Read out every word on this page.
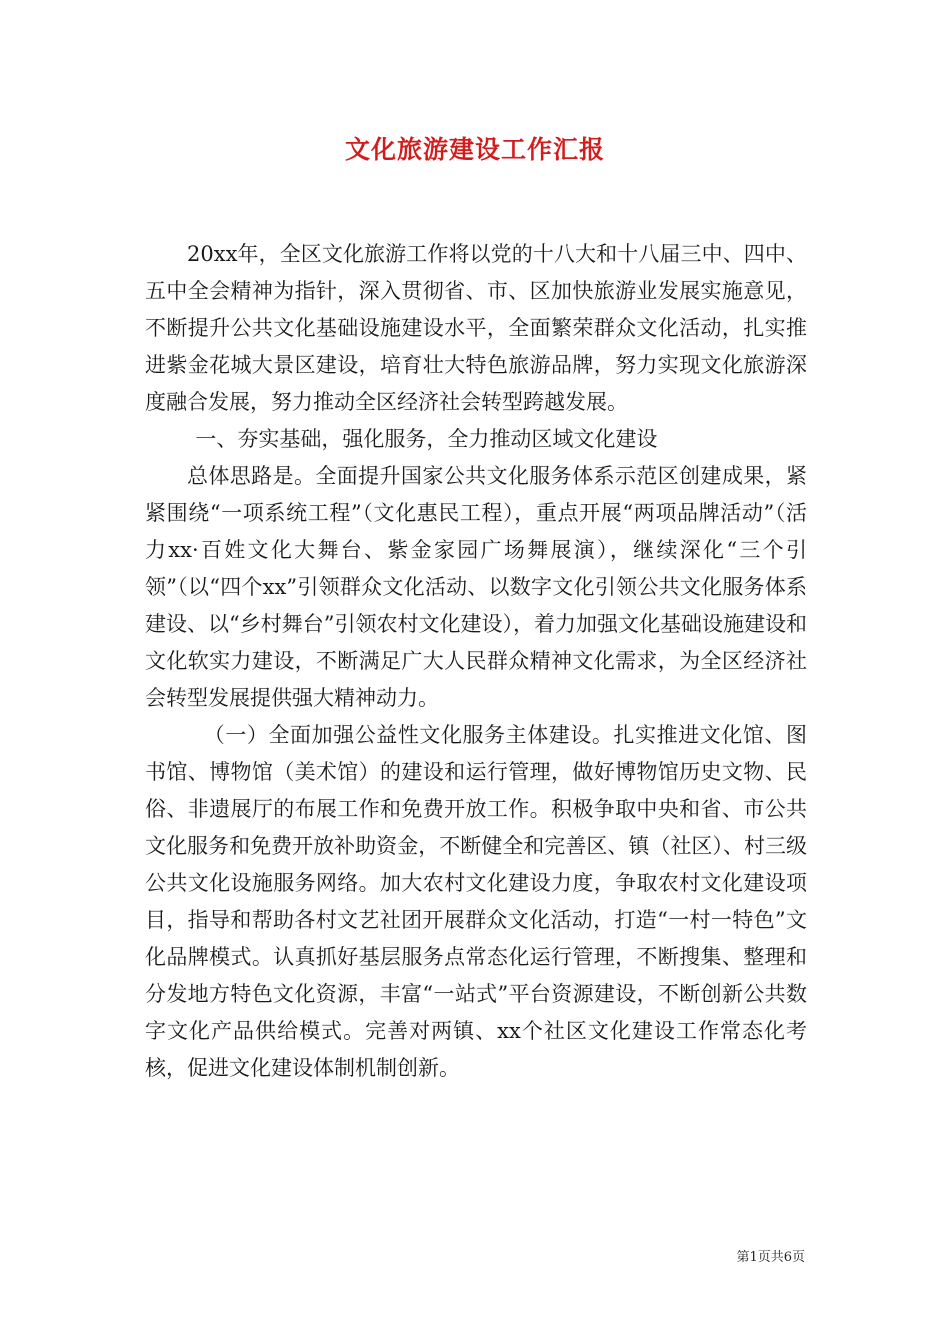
文化旅游建设工作汇报

20xx年，全区文化旅游工作将以党的十八大和十八届三中、四中、五中全会精神为指针，深入贯彻省、市、区加快旅游业发展实施意见，不断提升公共文化基础设施建设水平，全面繁荣群众文化活动，扎实推进紫金花城大景区建设，培育壮大特色旅游品牌，努力实现文化旅游深度融合发展，努力推动全区经济社会转型跨越发展。

一、夯实基础，强化服务，全力推动区域文化建设

总体思路是。全面提升国家公共文化服务体系示范区创建成果，紧紧围绕“一项系统工程”（文化惠民工程），重点开展“两项品牌活动”（活力xx·百姓文化大舞台、紫金家园广场舞展演），继续深化“三个引领”（以“四个xx”引领群众文化活动、以数字文化引领公共文化服务体系建设、以“乡村舞台”引领农村文化建设），着力加强文化基础设施建设和文化软实力建设，不断满足广大人民群众精神文化需求，为全区经济社会转型发展提供强大精神动力。

（一）全面加强公益性文化服务主体建设。扎实推进文化馆、图书馆、博物馆（美术馆）的建设和运行管理，做好博物馆历史文物、民俗、非遗展厅的布展工作和免费开放工作。积极争取中央和省、市公共文化服务和免费开放补助资金，不断健全和完善区、镇（社区）、村三级公共文化设施服务网络。加大农村文化建设力度，争取农村文化建设项目，指导和帮助各村文艺社团开展群众文化活动，打造“一村一特色”文化品牌模式。认真抓好基层服务点常态化运行管理，不断搜集、整理和分发地方特色文化资源，丰富“一站式”平台资源建设，不断创新公共数字文化产品供给模式。完善对两镇、xx个社区文化建设工作常态化考核，促进文化建设体制机制创新。

第1页共6页
